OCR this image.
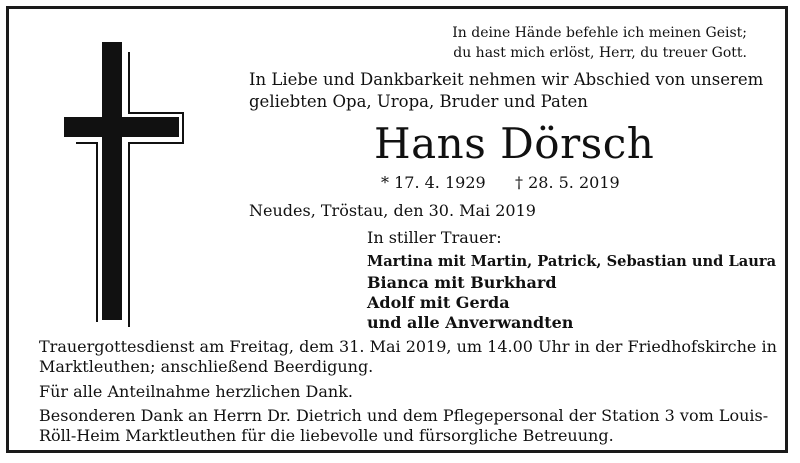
In deine Hände befehle ich meinen Geist;
du hast mich erlöst, Herr, du treuer Gott.
In Liebe und Dankbarkeit nehmen wir Abschied von unserem
geliebten Opa, Uropa, Bruder und Paten
Hans Dörsch
* 17. 4. 1929 † 28. 5. 2019
Neudes, Tröstau, den 30. Mai 2019
In stiller Trauer:
Martina mit Martin, Patrick, Sebastian und Laura
Bianca mit Burkhard
Adolf mit Gerda
und alle Anverwandten
Trauergottesdienst am Freitag, dem 31. Mai 2019, um 14.00 Uhr in der Friedhofskirche in
Marktleuthen; anschließend Beerdigung.
Für alle Anteilnahme herzlichen Dank.
Besonderen Dank an Herrn Dr. Dietrich und dem Pflegepersonal der Station 3 vom Louis-
Röll-Heim Marktleuthen für die liebevolle und fürsorgliche Betreuung.
